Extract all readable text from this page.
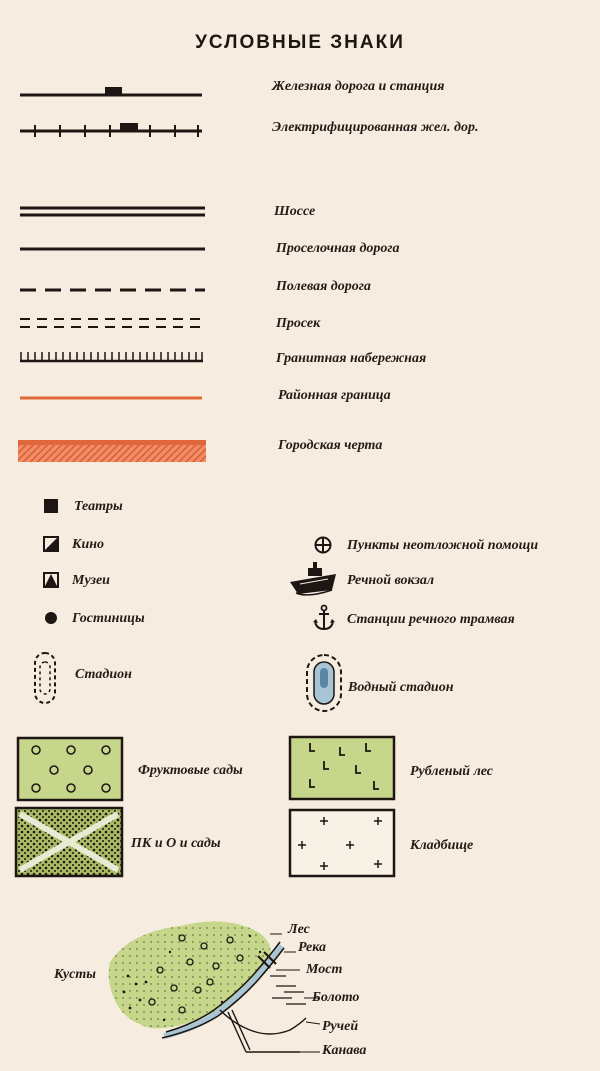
УСЛОВНЫЕ ЗНАКИ
Железная дорога и станция
Электрифицированная жел. дор.
Шоссе
Проселочная дорога
Полевая дорога
Просек
Гранитная набережная
Районная граница
Городская черта
Театры
Кино
Музеи
Гостиницы
Стадион
Пункты неотложной помощи
Речной вокзал
Станции речного трамвая
Водный стадион
Фруктовые сады	Рубленый лес
ПК и О и сады	Кладбище
Кусты
Лес
Река
Мост
Болото
Ручей
Канава
